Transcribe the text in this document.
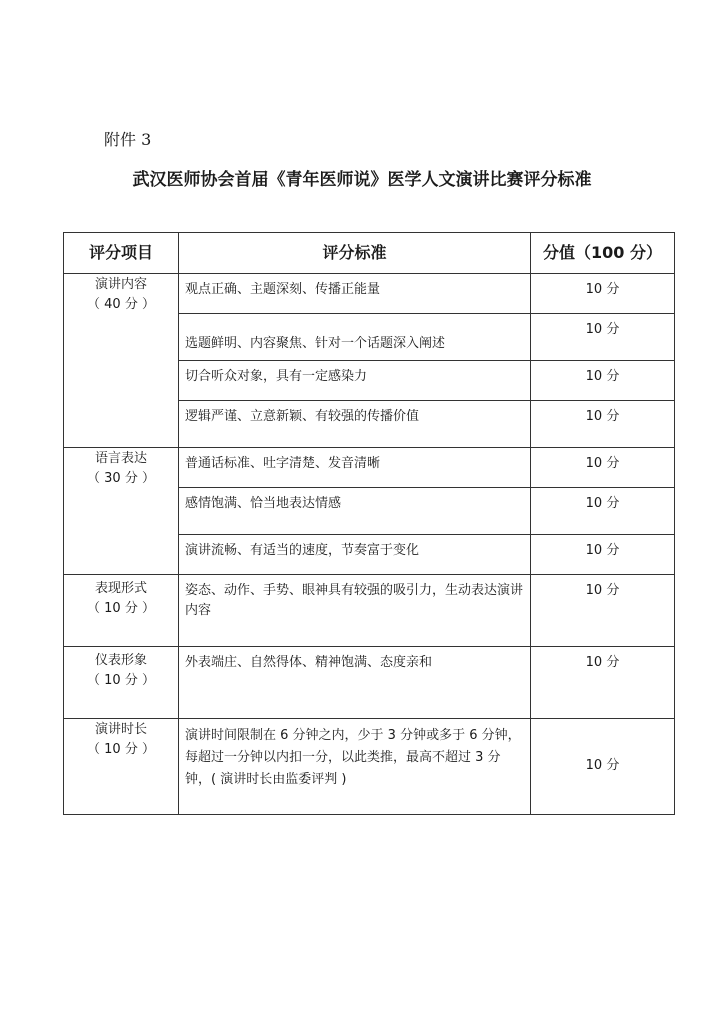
附件 3
武汉医师协会首届《青年医师说》医学人文演讲比赛评分标准
评分项目	评分标准	分值（100 分）

演讲内容
（ 40 分 ）	观点正确、主题深刻、传播正能量	10 分
	选题鲜明、内容聚焦、针对一个话题深入阐述	10 分
	切合听众对象，具有一定感染力	10 分
	逻辑严谨、立意新颖、有较强的传播价值	10 分

语言表达
（ 30 分 ）	普通话标准、吐字清楚、发音清晰	10 分
	感情饱满、恰当地表达情感	10 分
	演讲流畅、有适当的速度，节奏富于变化	10 分

表现形式
（ 10 分 ）	姿态、动作、手势、眼神具有较强的吸引力，生动表达演讲内容	10 分

仪表形象
（ 10 分 ）	外表端庄、自然得体、精神饱满、态度亲和	10 分

演讲时长
（ 10 分 ）	演讲时间限制在 6 分钟之内，少于 3 分钟或多于 6 分钟，每超过一分钟以内扣一分，以此类推，最高不超过 3 分钟，( 演讲时长由监委评判 )	10 分
